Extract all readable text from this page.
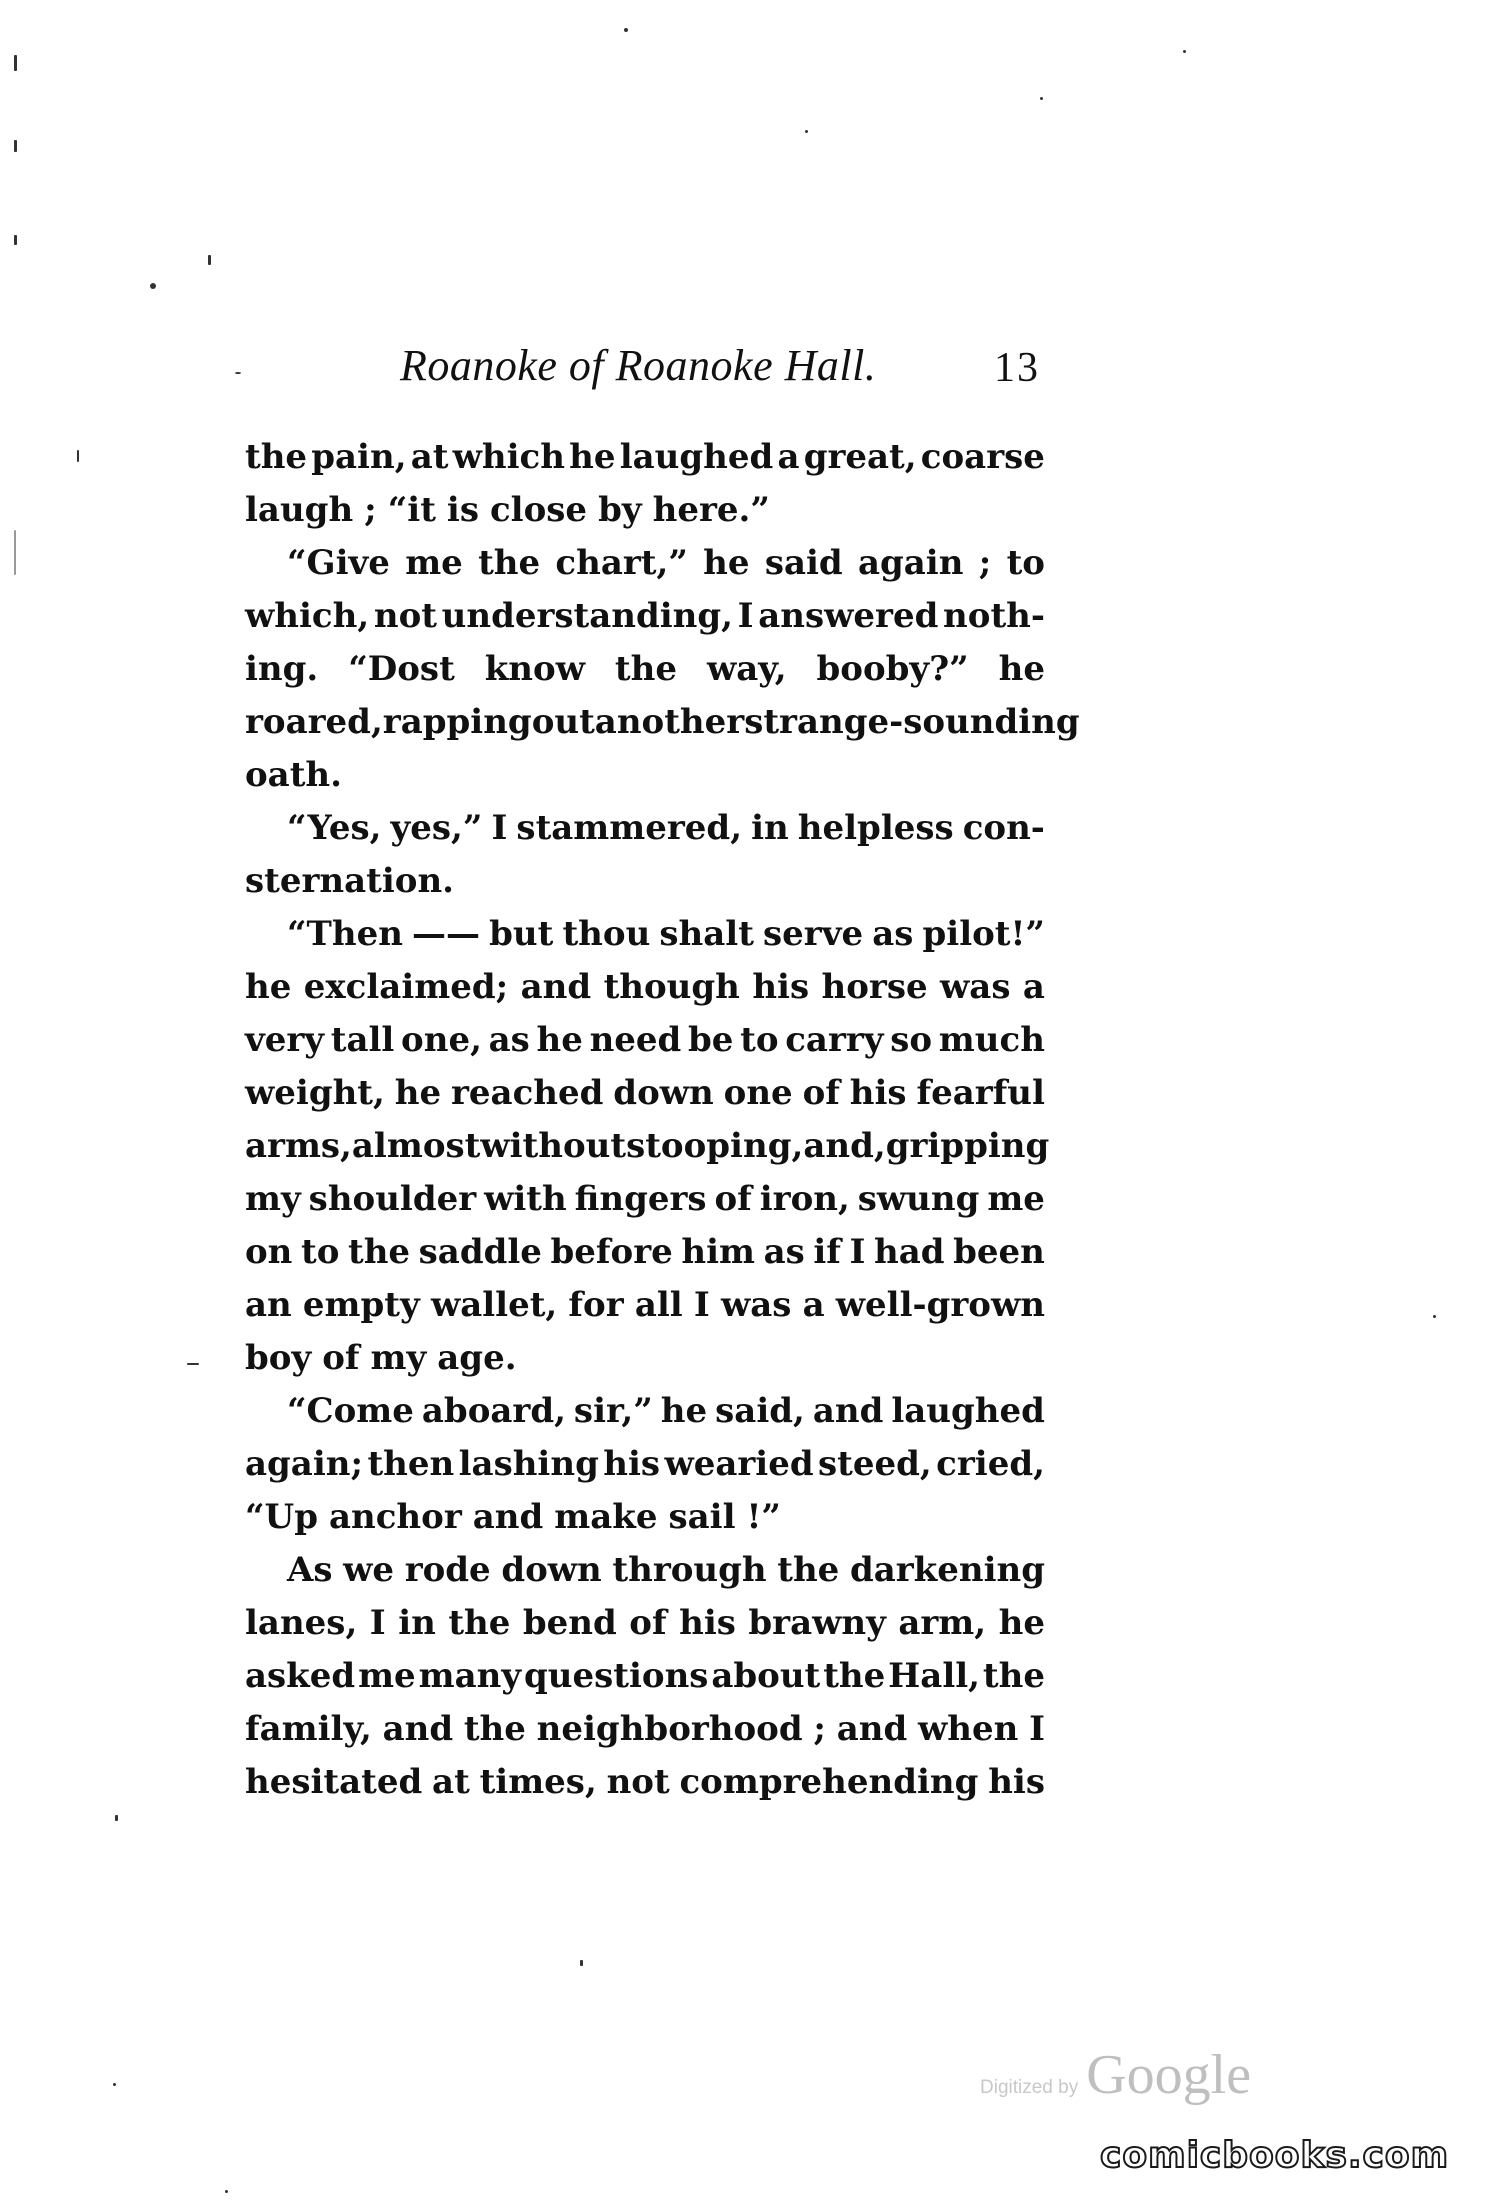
Roanoke of Roanoke Hall.	13
the pain, at which he laughed a great, coarse
laugh ; “it is close by here.”
“Give me the chart,” he said again ; to
which, not understanding, I answered noth-
ing. “Dost know the way, booby?” he
roared, rapping out another strange-sounding
oath.
“Yes, yes,” I stammered, in helpless con-
sternation.
“Then —— but thou shalt serve as pilot!”
he exclaimed; and though his horse was a
very tall one, as he need be to carry so much
weight, he reached down one of his fearful
arms, almost without stooping, and, gripping
my shoulder with fingers of iron, swung me
on to the saddle before him as if I had been
an empty wallet, for all I was a well-grown
boy of my age.
“Come aboard, sir,” he said, and laughed
again; then lashing his wearied steed, cried,
“Up anchor and make sail !”
As we rode down through the darkening
lanes, I in the bend of his brawny arm, he
asked me many questions about the Hall, the
family, and the neighborhood ; and when I
hesitated at times, not comprehending his
Digitized by Google
comicbooks.com
